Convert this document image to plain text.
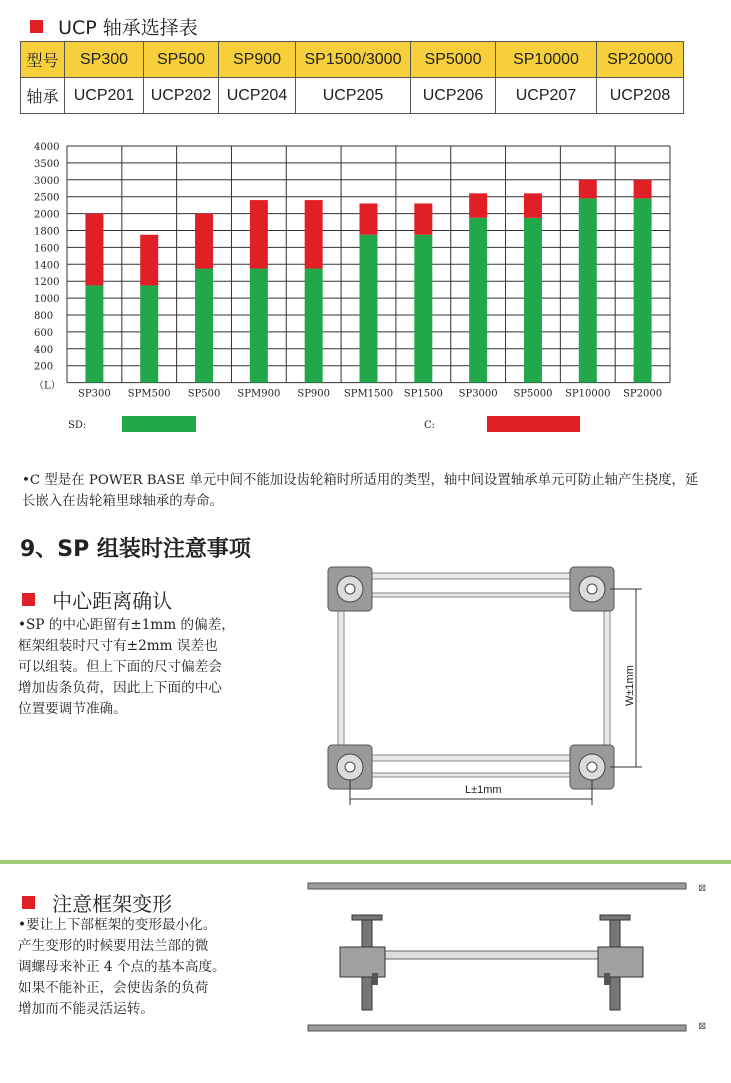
UCP 轴承选择表
型号	SP300	SP500	SP900	SP1500/3000	SP5000	SP10000	SP20000
轴承	UCP201	UCP202	UCP204	UCP205	UCP206	UCP207	UCP208
4000
3500
3000
2500
2000
1800
1600
1400
1200
1000
800
600
400
200
（L）
SP300 SPM500 SP500 SPM900 SP900 SPM1500 SP1500 SP3000 SP5000 SP10000 SP2000
SD:	C:
•C 型是在 POWER BASE 单元中间不能加设齿轮箱时所适用的类型，轴中间设置轴承单元可防止轴产生挠度，延长嵌入在齿轮箱里球轴承的寿命。
9、SP 组装时注意事项
中心距离确认
•SP 的中心距留有±1mm 的偏差，
框架组装时尺寸有±2mm 误差也
可以组装。但上下面的尺寸偏差会
增加齿条负荷，因此上下面的中心
位置要调节准确。
W±1mm
L±1mm
注意框架变形
•要让上下部框架的变形最小化。
产生变形的时候要用法兰部的微
调螺母来补正 4 个点的基本高度。
如果不能补正，会使齿条的负荷
增加而不能灵活运转。
⊠
⊠
